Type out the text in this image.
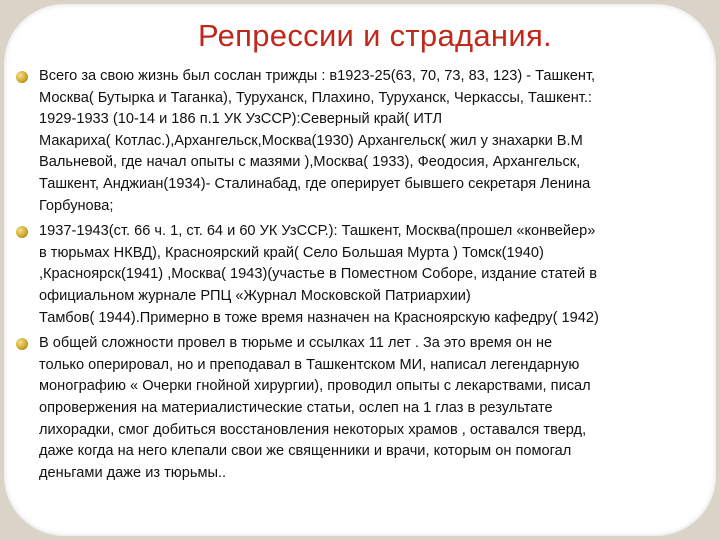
Репрессии и страдания.
Всего за свою жизнь был сослан трижды : в1923-25(63, 70, 73, 83, 123) - Ташкент,
Москва( Бутырка и Таганка), Туруханск, Плахино, Туруханск, Черкассы, Ташкент.:
1929-1933 (10-14 и 186 п.1 УК УзССР):Северный край( ИТЛ
Макариха( Котлас.),Архангельск,Москва(1930) Архангельск( жил у знахарки В.М
Вальневой, где начал опыты с мазями ),Москва( 1933), Феодосия, Архангельск,
Ташкент, Анджиан(1934)- Сталинабад, где оперирует бывшего секретаря Ленина
Горбунова;
1937-1943(ст. 66 ч. 1, ст. 64 и 60 УК УзССР.): Ташкент, Москва(прошел «конвейер»
в тюрьмах НКВД), Красноярский край( Село Большая Мурта ) Томск(1940)
,Красноярск(1941) ,Москва( 1943)(участье в Поместном Соборе, издание статей в
официальном журнале РПЦ «Журнал Московской Патриархии)
Тамбов( 1944).Примерно в тоже время назначен на Красноярскую кафедру( 1942)
В общей сложности провел в тюрьме и ссылках 11 лет . За это время он не
только оперировал, но и преподавал в Ташкентском МИ, написал легендарную
монографию « Очерки гнойной хирургии), проводил опыты с лекарствами, писал
опровержения на материалистические статьи, ослеп на 1 глаз в результате
лихорадки, смог добиться восстановления некоторых храмов , оставался тверд,
даже когда на него клепали свои же священники и врачи, которым он помогал
деньгами даже из тюрьмы..
